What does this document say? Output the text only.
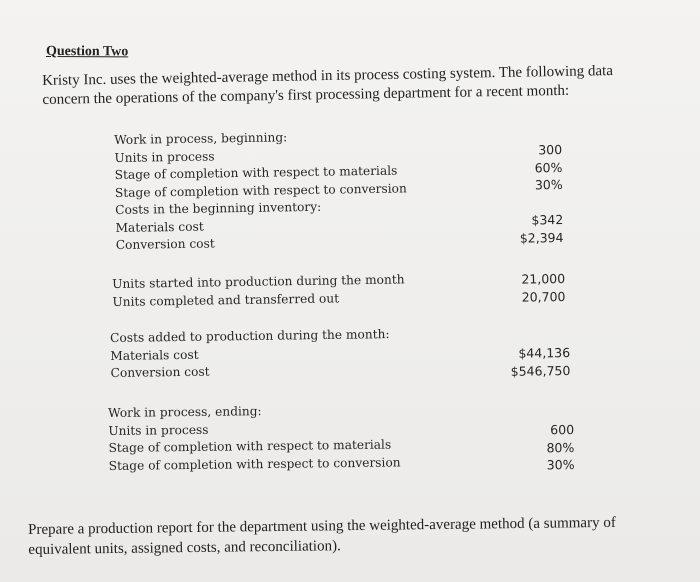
Question Two
Kristy Inc. uses the weighted-average method in its process costing system. The following data concern the operations of the company's first processing department for a recent month:
Work in process, beginning:
Units in process
Stage of completion with respect to materials
Stage of completion with respect to conversion
Costs in the beginning inventory:
Materials cost
Conversion cost
300
60%
30%
$342
$2,394
Units started into production during the month
Units completed and transferred out
21,000
20,700
Costs added to production during the month:
Materials cost
Conversion cost
$44,136
$546,750
Work in process, ending:
Units in process
Stage of completion with respect to materials
Stage of completion with respect to conversion
600
80%
30%
Prepare a production report for the department using the weighted-average method (a summary of equivalent units, assigned costs, and reconciliation).
